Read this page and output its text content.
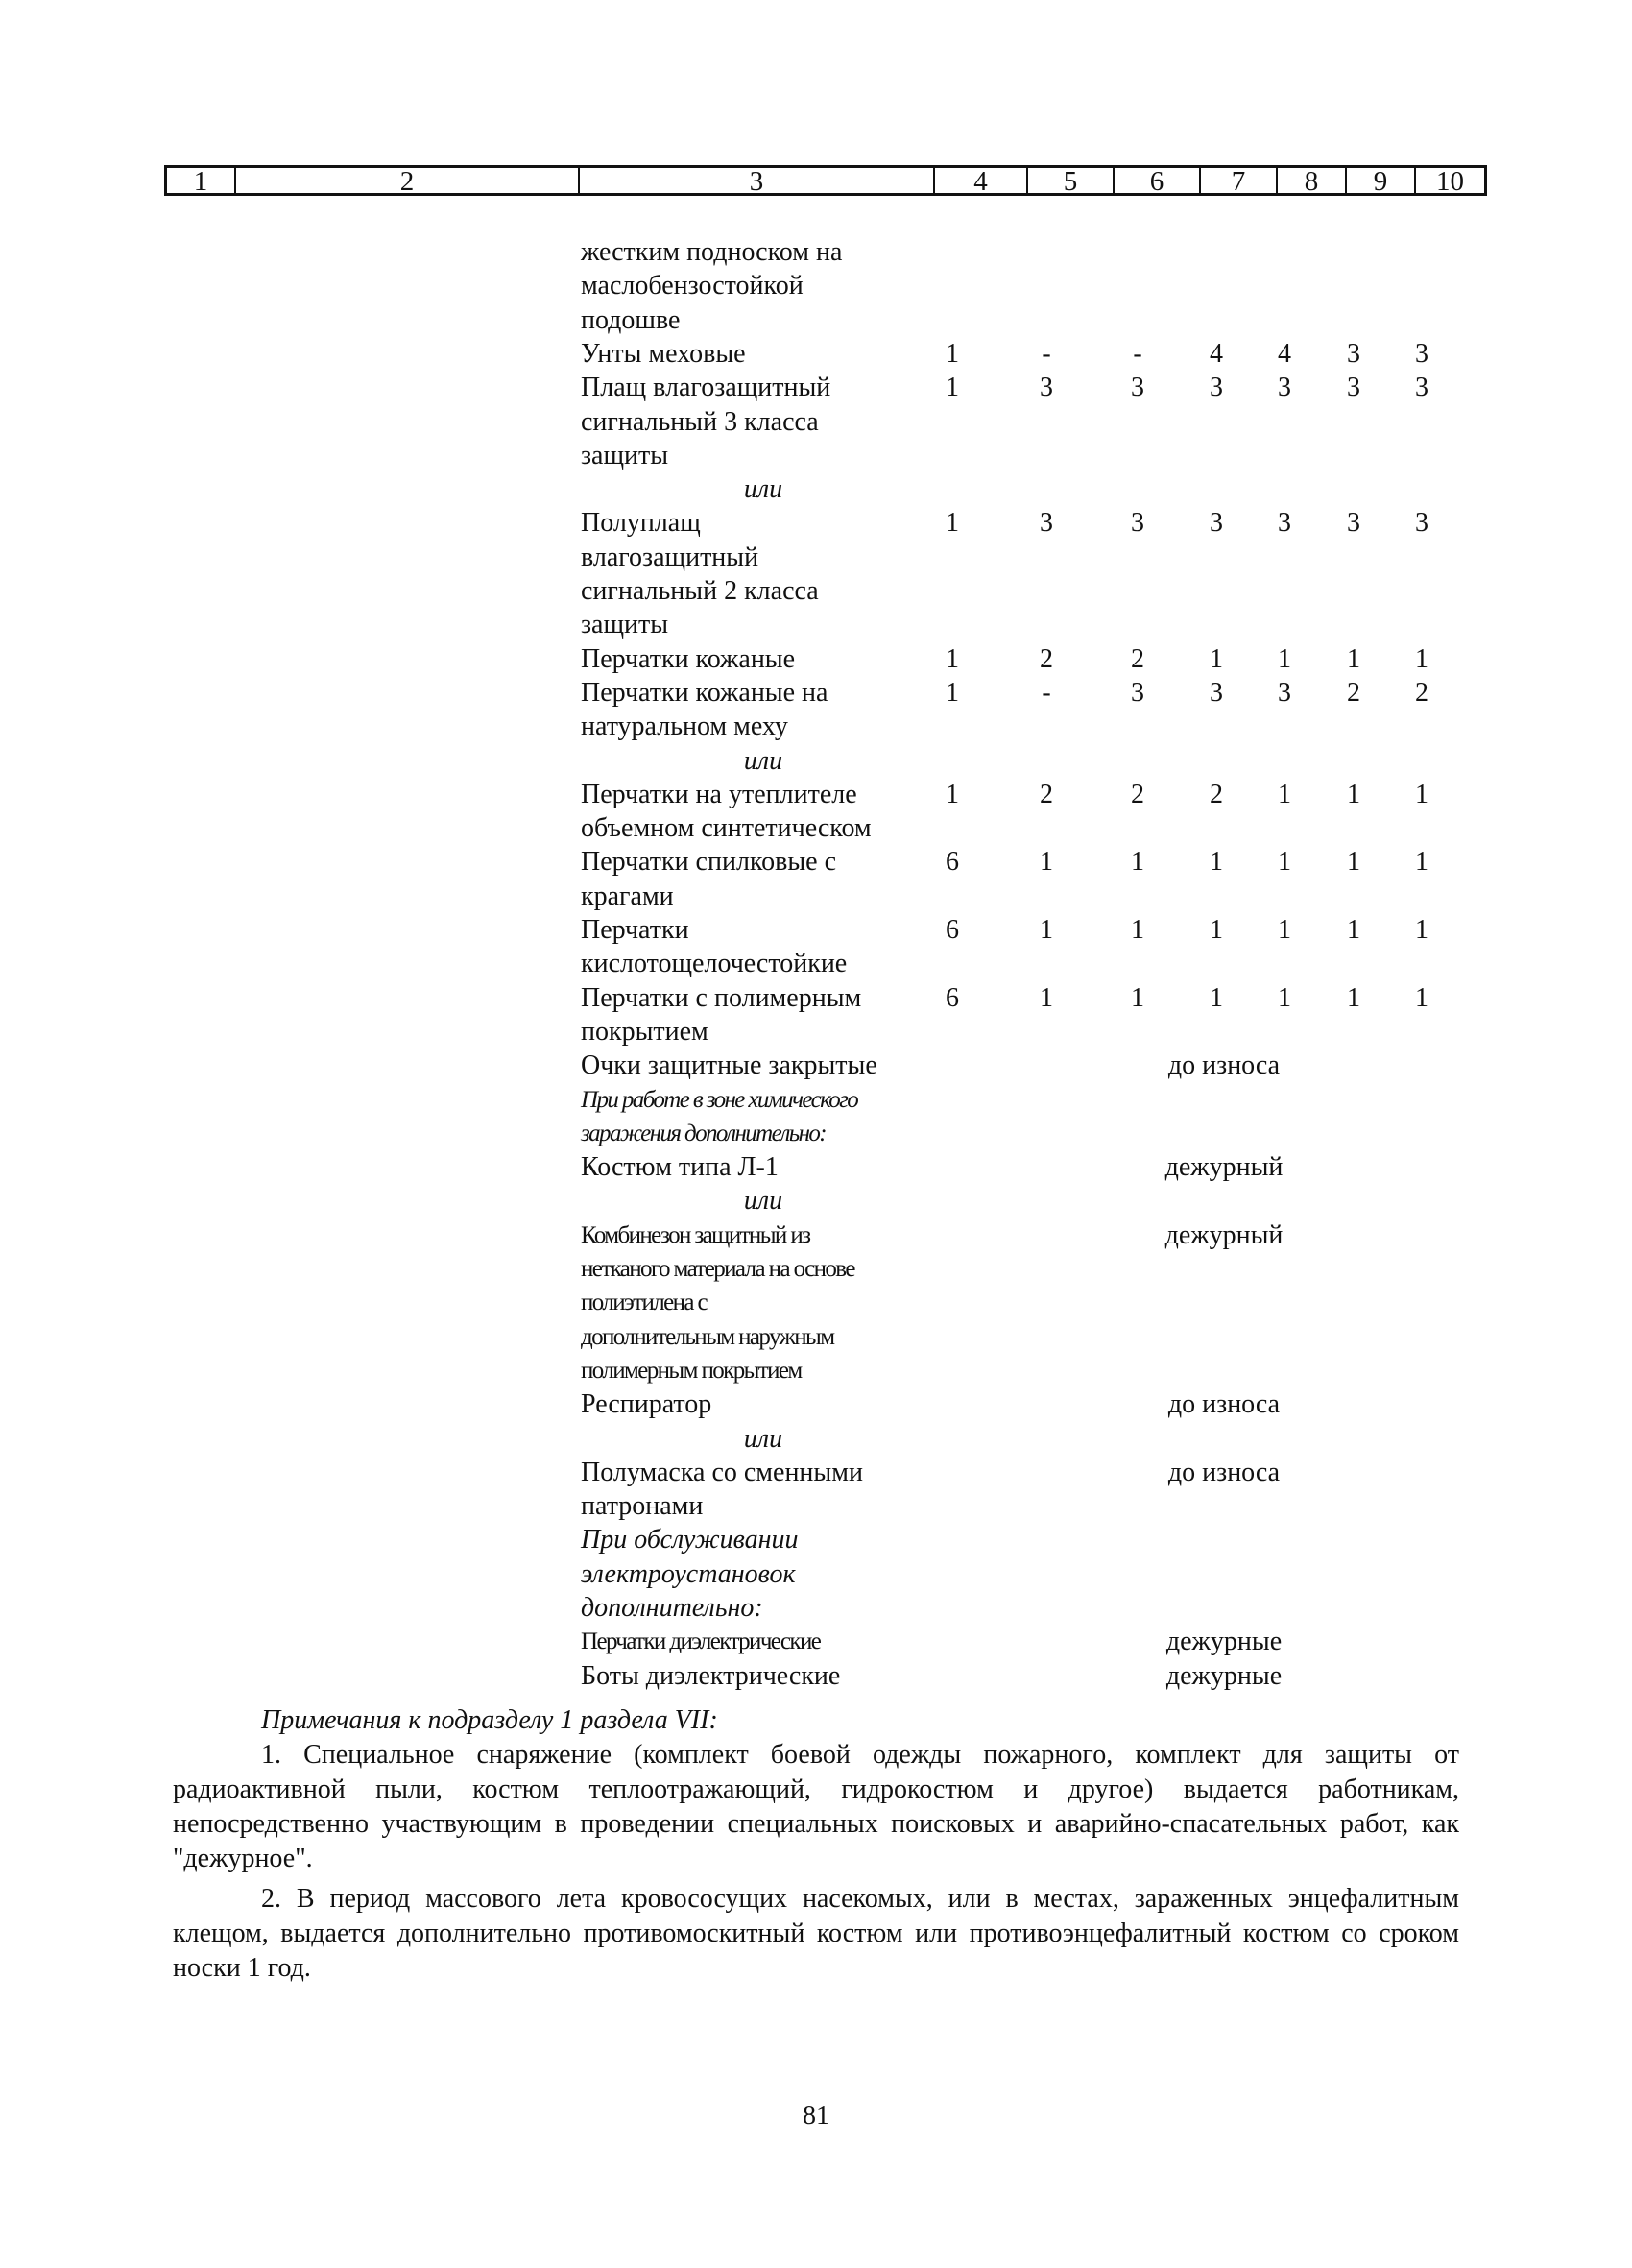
1	2	3	4	5	6	7	8	9	10
жестким подноском на
маслобензостойкой
подошве
Унты меховые	1	-	-	4	4	3	3
Плащ влагозащитный	1	3	3	3	3	3	3
сигнальный 3 класса
защиты
или
Полуплащ	1	3	3	3	3	3	3
влагозащитный
сигнальный 2 класса
защиты
Перчатки кожаные	1	2	2	1	1	1	1
Перчатки кожаные на	1	-	3	3	3	2	2
натуральном меху
или
Перчатки на утеплителе	1	2	2	2	1	1	1
объемном синтетическом
Перчатки спилковые с	6	1	1	1	1	1	1
крагами
Перчатки	6	1	1	1	1	1	1
кислотощелочестойкие
Перчатки с полимерным	6	1	1	1	1	1	1
покрытием
Очки защитные закрытые	до износа
При работе в зоне химического
заражения дополнительно:
Костюм типа Л-1	дежурный
или
Комбинезон защитный из	дежурный
нетканого материала на основе
полиэтилена с
дополнительным наружным
полимерным покрытием
Респиратор	до износа
или
Полумаска со сменными	до износа
патронами
При обслуживании
электроустановок
дополнительно:
Перчатки диэлектрические	дежурные
Боты диэлектрические	дежурные
Примечания к подразделу 1 раздела VII:

1. Специальное снаряжение (комплект боевой одежды пожарного, комплект для защиты от радиоактивной пыли, костюм теплоотражающий, гидрокостюм и другое) выдается работникам, непосредственно участвующим в проведении специальных поисковых и аварийно-спасательных работ, как "дежурное".

2. В период массового лета кровососущих насекомых, или в местах, зараженных энцефалитным клещом, выдается дополнительно противомоскитный костюм или противоэнцефалитный костюм со сроком носки 1 год.

81
